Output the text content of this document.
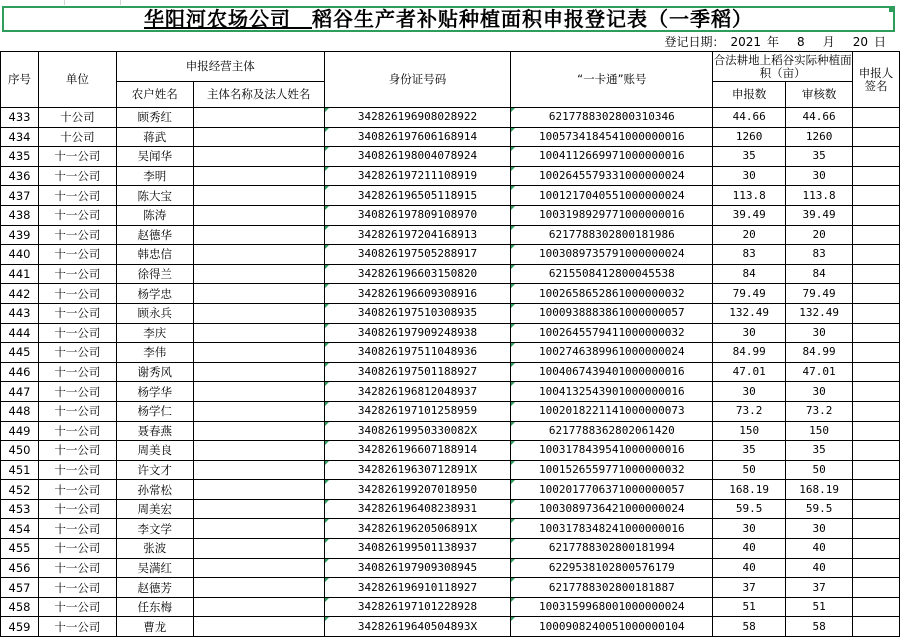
华阳河农场公司　 稻谷生产者补贴种植面积申报登记表（一季稻）
登记日期： 2021 年 8 月 20 日
序号	单位	申报经营主体		身份证号码	“一卡通”账号	合法耕地上稻谷实际种植面积（亩）		申报人签名
		农户姓名	主体名称及法人姓名			申报数	审核数	
433	十公司	顾秀红		342826196908028922	6217788302800310346	44.66	44.66	
434	十公司	蒋武		340826197606168914	1005734184541000000016	1260	1260	
435	十一公司	吴闻华		340826198004078924	1004112669971000000016	35	35	
436	十一公司	李明		342826197211108919	1002645579331000000024	30	30	
437	十一公司	陈大宝		342826196505118915	1001217040551000000024	113.8	113.8	
438	十一公司	陈涛		340826197809108970	1003198929771000000016	39.49	39.49	
439	十一公司	赵德华		342826197204168913	6217788302800181986	20	20	
440	十一公司	韩忠信		340826197505288917	1003089735791000000024	83	83	
441	十一公司	徐得兰		342826196603150820	6215508412800045538	84	84	
442	十一公司	杨学忠		342826196609308916	1002658652861000000032	79.49	79.49	
443	十一公司	顾永兵		340826197510308935	1000938883861000000057	132.49	132.49	
444	十一公司	李庆		340826197909248938	1002645579411000000032	30	30	
445	十一公司	李伟		340826197511048936	1002746389961000000024	84.99	84.99	
446	十一公司	谢秀风		340826197501188927	1004067439401000000016	47.01	47.01	
447	十一公司	杨学华		342826196812048937	1004132543901000000016	30	30	
448	十一公司	杨学仁		342826197101258959	1002018221141000000073	73.2	73.2	
449	十一公司	聂春燕		34082619950330082X	6217788362802061420	150	150	
450	十一公司	周美良		342826196607188914	1003178439541000000016	35	35	
451	十一公司	许文才		34282619630712891X	1001526559771000000032	50	50	
452	十一公司	孙常松		342826199207018950	1002017706371000000057	168.19	168.19	
453	十一公司	周美宏		342826196408238931	1003089736421000000024	59.5	59.5	
454	十一公司	李文学		34282619620506891X	1003178348241000000016	30	30	
455	十一公司	张波		340826199501138937	6217788302800181994	40	40	
456	十一公司	吴满红		340826197909308945	6229538102800576179	40	40	
457	十一公司	赵德芳		342826196910118927	6217788302800181887	37	37	
458	十一公司	任东梅		342826197101228928	1003159968001000000024	51	51	
459	十一公司	曹龙		34282619640504893X	1000908240051000000104	58	58	
